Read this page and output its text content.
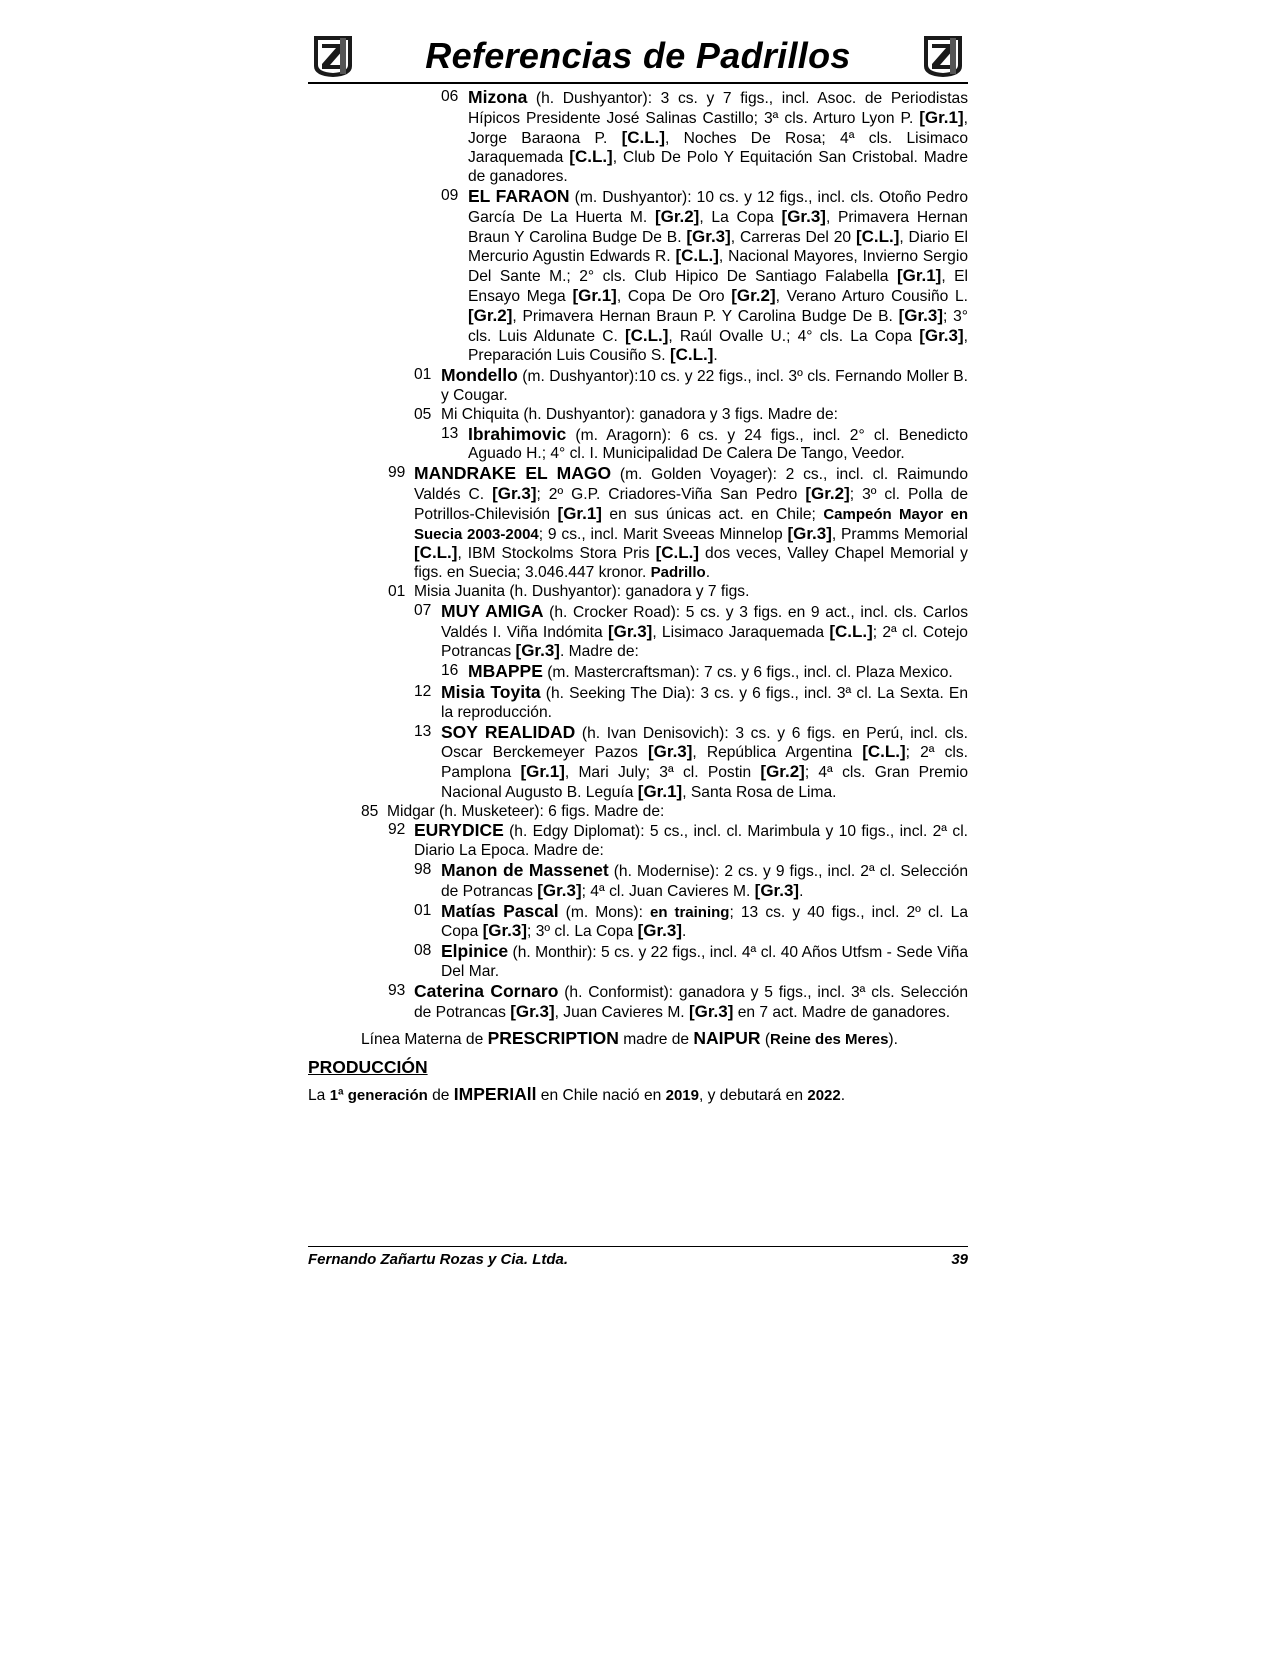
Referencias de Padrillos
06 Mizona (h. Dushyantor): 3 cs. y 7 figs., incl. Asoc. de Periodistas Hípicos Presidente José Salinas Castillo; 3ª cls. Arturo Lyon P. [Gr.1], Jorge Baraona P. [C.L.], Noches De Rosa; 4ª cls. Lisimaco Jaraquemada [C.L.], Club De Polo Y Equitación San Cristobal. Madre de ganadores.
09 EL FARAON (m. Dushyantor): 10 cs. y 12 figs., incl. cls. Otoño Pedro García De La Huerta M. [Gr.2], La Copa [Gr.3], Primavera Hernan Braun Y Carolina Budge De B. [Gr.3], Carreras Del 20 [C.L.], Diario El Mercurio Agustin Edwards R. [C.L.], Nacional Mayores, Invierno Sergio Del Sante M.; 2° cls. Club Hipico De Santiago Falabella [Gr.1], El Ensayo Mega [Gr.1], Copa De Oro [Gr.2], Verano Arturo Cousiño L. [Gr.2], Primavera Hernan Braun P. Y Carolina Budge De B. [Gr.3]; 3° cls. Luis Aldunate C. [C.L.], Raúl Ovalle U.; 4° cls. La Copa [Gr.3], Preparación Luis Cousiño S. [C.L.].
01 Mondello (m. Dushyantor):10 cs. y 22 figs., incl. 3º cls. Fernando Moller B. y Cougar.
05 Mi Chiquita (h. Dushyantor): ganadora y 3 figs. Madre de:
13 Ibrahimovic (m. Aragorn): 6 cs. y 24 figs., incl. 2° cl. Benedicto Aguado H.; 4° cl. I. Municipalidad De Calera De Tango, Veedor.
99 MANDRAKE EL MAGO (m. Golden Voyager): 2 cs., incl. cl. Raimundo Valdés C. [Gr.3]; 2º G.P. Criadores-Viña San Pedro [Gr.2]; 3º cl. Polla de Potrillos-Chilevisión [Gr.1] en sus únicas act. en Chile; Campeón Mayor en Suecia 2003-2004; 9 cs., incl. Marit Sveeas Minnelop [Gr.3], Pramms Memorial [C.L.], IBM Stockolms Stora Pris [C.L.] dos veces, Valley Chapel Memorial y figs. en Suecia; 3.046.447 kronor. Padrillo.
01 Misia Juanita (h. Dushyantor): ganadora y 7 figs.
07 MUY AMIGA (h. Crocker Road): 5 cs. y 3 figs. en 9 act., incl. cls. Carlos Valdés I. Viña Indómita [Gr.3], Lisimaco Jaraquemada [C.L.]; 2ª cl. Cotejo Potrancas [Gr.3]. Madre de:
16 MBAPPE (m. Mastercraftsman): 7 cs. y 6 figs., incl. cl. Plaza Mexico.
12 Misia Toyita (h. Seeking The Dia): 3 cs. y 6 figs., incl. 3ª cl. La Sexta. En la reproducción.
13 SOY REALIDAD (h. Ivan Denisovich): 3 cs. y 6 figs. en Perú, incl. cls. Oscar Berckemeyer Pazos [Gr.3], República Argentina [C.L.]; 2ª cls. Pamplona [Gr.1], Mari July; 3ª cl. Postin [Gr.2]; 4ª cls. Gran Premio Nacional Augusto B. Leguía [Gr.1], Santa Rosa de Lima.
85 Midgar (h. Musketeer): 6 figs. Madre de:
92 EURYDICE (h. Edgy Diplomat): 5 cs., incl. cl. Marimbula y 10 figs., incl. 2ª cl. Diario La Epoca. Madre de:
98 Manon de Massenet (h. Modernise): 2 cs. y 9 figs., incl. 2ª cl. Selección de Potrancas [Gr.3]; 4ª cl. Juan Cavieres M. [Gr.3].
01 Matías Pascal (m. Mons): en training; 13 cs. y 40 figs., incl. 2º cl. La Copa [Gr.3]; 3º cl. La Copa [Gr.3].
08 Elpinice (h. Monthir): 5 cs. y 22 figs., incl. 4ª cl. 40 Años Utfsm - Sede Viña Del Mar.
93 Caterina Cornaro (h. Conformist): ganadora y 5 figs., incl. 3ª cls. Selección de Potrancas [Gr.3], Juan Cavieres M. [Gr.3] en 7 act. Madre de ganadores.
Línea Materna de PRESCRIPTION madre de NAIPUR (Reine des Meres).
PRODUCCIÓN
La 1ª generación de IMPERIAll en Chile nació en 2019, y debutará en 2022.
Fernando Zañartu Rozas y Cia. Ltda.	39
